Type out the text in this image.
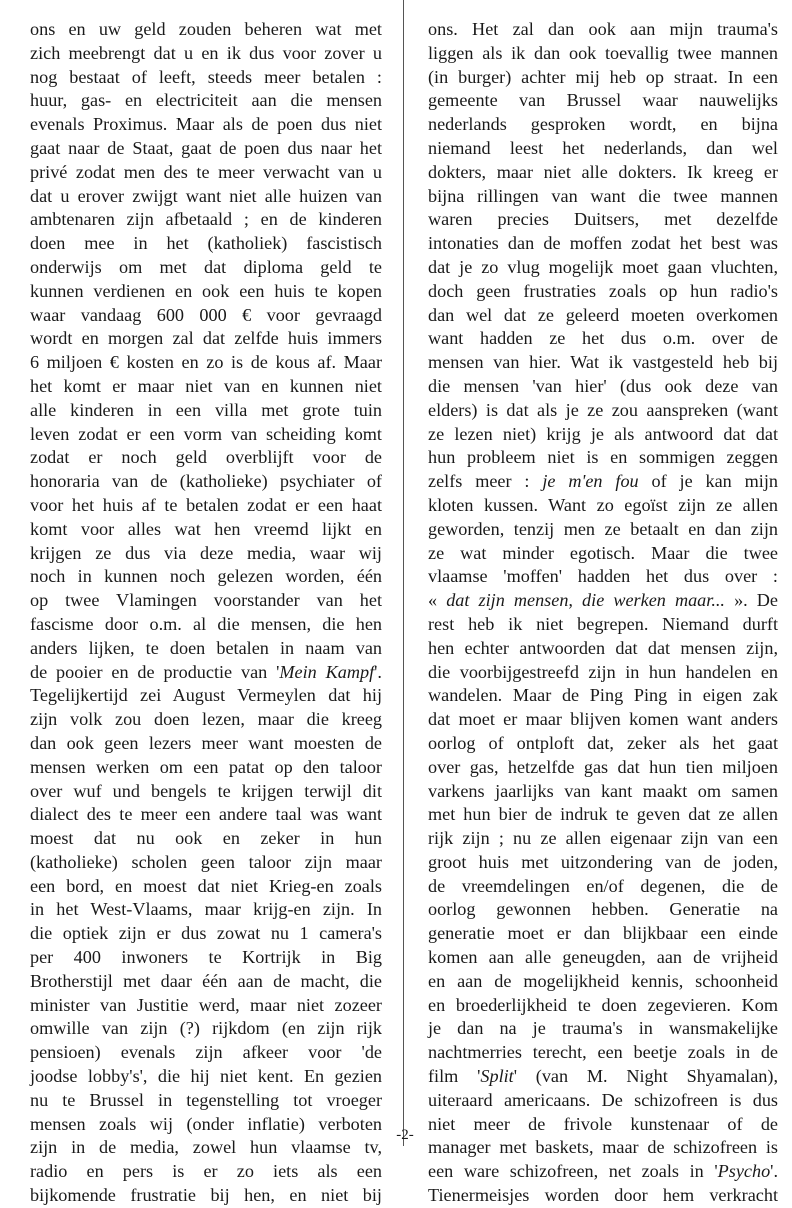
ons en uw geld zouden beheren wat met
zich meebrengt dat u en ik dus voor zover u
nog bestaat of leeft, steeds meer betalen :
huur, gas- en electriciteit aan die mensen
evenals Proximus. Maar als de poen dus niet
gaat naar de Staat, gaat de poen dus naar het
privé zodat men des te meer verwacht van u
dat u erover zwijgt want niet alle huizen van
ambtenaren zijn afbetaald ; en de kinderen
doen mee in het (katholiek) fascistisch
onderwijs om met dat diploma geld te
kunnen verdienen en ook een huis te kopen
waar vandaag 600 000 € voor gevraagd
wordt en morgen zal dat zelfde huis immers
6 miljoen € kosten en zo is de kous af. Maar
het komt er maar niet van en kunnen niet
alle kinderen in een villa met grote tuin
leven zodat er een vorm van scheiding komt
zodat er noch geld overblijft voor de
honoraria van de (katholieke) psychiater of
voor het huis af te betalen zodat er een haat
komt voor alles wat hen vreemd lijkt en
krijgen ze dus via deze media, waar wij
noch in kunnen noch gelezen worden, één
op twee Vlamingen voorstander van het
fascisme door o.m. al die mensen, die hen
anders lijken, te doen betalen in naam van
de pooier en de productie van 'Mein Kampf'.
Tegelijkertijd zei August Vermeylen dat hij
zijn volk zou doen lezen, maar die kreeg
dan ook geen lezers meer want moesten de
mensen werken om een patat op den taloor
over wuf und bengels te krijgen terwijl dit
dialect des te meer een andere taal was want
moest dat nu ook en zeker in hun
(katholieke) scholen geen taloor zijn maar
een bord, en moest dat niet Krieg-en zoals
in het West-Vlaams, maar krijg-en zijn. In
die optiek zijn er dus zowat nu 1 camera's
per 400 inwoners te Kortrijk in Big
Brotherstijl met daar één aan de macht, die
minister van Justitie werd, maar niet zozeer
omwille van zijn (?) rijkdom (en zijn rijk
pensioen) evenals zijn afkeer voor 'de
joodse lobby's', die hij niet kent. En gezien
nu te Brussel in tegenstelling tot vroeger
mensen zoals wij (onder inflatie) verboten
zijn in de media, zowel hun vlaamse tv,
radio en pers is er zo iets als een
bijkomende frustratie bij hen, en niet bij
ons. Het zal dan ook aan mijn trauma's
liggen als ik dan ook toevallig twee mannen
(in burger) achter mij heb op straat. In een
gemeente van Brussel waar nauwelijks
nederlands gesproken wordt, en bijna
niemand leest het nederlands, dan wel
dokters, maar niet alle dokters. Ik kreeg er
bijna rillingen van want die twee mannen
waren precies Duitsers, met dezelfde
intonaties dan de moffen zodat het best was
dat je zo vlug mogelijk moet gaan vluchten,
doch geen frustraties zoals op hun radio's
dan wel dat ze geleerd moeten overkomen
want hadden ze het dus o.m. over de
mensen van hier. Wat ik vastgesteld heb bij
die mensen 'van hier' (dus ook deze van
elders) is dat als je ze zou aanspreken (want
ze lezen niet) krijg je als antwoord dat dat
hun probleem niet is en sommigen zeggen
zelfs meer : je m'en fou of je kan mijn
kloten kussen. Want zo egoïst zijn ze allen
geworden, tenzij men ze betaalt en dan zijn
ze wat minder egotisch. Maar die twee
vlaamse 'moffen' hadden het dus over :
« dat zijn mensen, die werken maar... ». De
rest heb ik niet begrepen. Niemand durft
hen echter antwoorden dat dat mensen zijn,
die voorbijgestreefd zijn in hun handelen en
wandelen. Maar de Ping Ping in eigen zak
dat moet er maar blijven komen want anders
oorlog of ontploft dat, zeker als het gaat
over gas, hetzelfde gas dat hun tien miljoen
varkens jaarlijks van kant maakt om samen
met hun bier de indruk te geven dat ze allen
rijk zijn ; nu ze allen eigenaar zijn van een
groot huis met uitzondering van de joden,
de vreemdelingen en/of degenen, die de
oorlog gewonnen hebben. Generatie na
generatie moet er dan blijkbaar een einde
komen aan alle geneugden, aan de vrijheid
en aan de mogelijkheid kennis, schoonheid
en broederlijkheid te doen zegevieren. Kom
je dan na je trauma's in wansmakelijke
nachtmerries terecht, een beetje zoals in de
film 'Split' (van M. Night Shyamalan),
uiteraard americaans. De schizofreen is dus
niet meer de frivole kunstenaar of de
manager met baskets, maar de schizofreen is
een ware schizofreen, net zoals in 'Psycho'.
Tienermeisjes worden door hem verkracht
-2-
